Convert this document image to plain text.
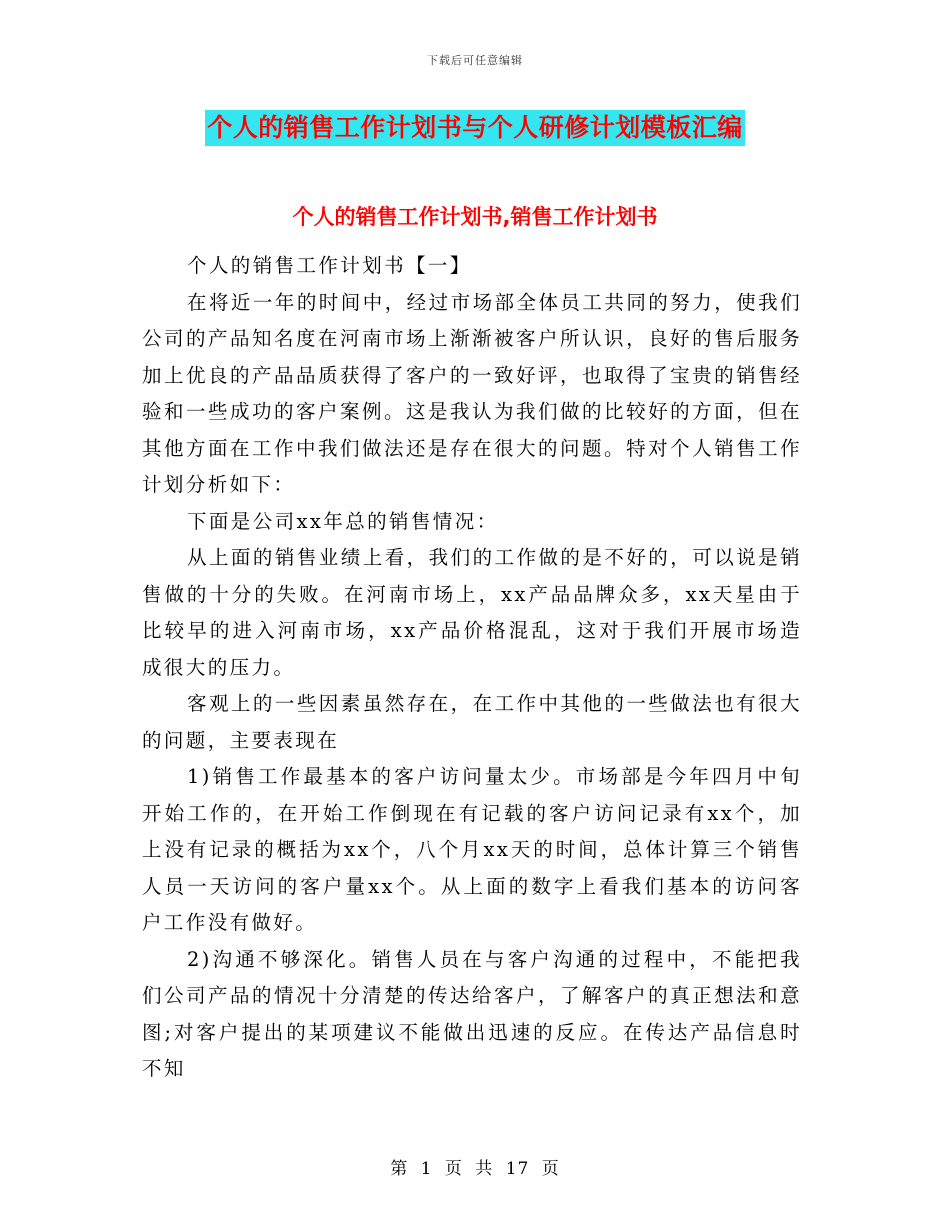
下载后可任意编辑
个人的销售工作计划书与个人研修计划模板汇编
个人的销售工作计划书,销售工作计划书

个人的销售工作计划书【一】

在将近一年的时间中，经过市场部全体员工共同的努力，使我们公司的产品知名度在河南市场上渐渐被客户所认识，良好的售后服务加上优良的产品品质获得了客户的一致好评，也取得了宝贵的销售经验和一些成功的客户案例。这是我认为我们做的比较好的方面，但在其他方面在工作中我们做法还是存在很大的问题。特对个人销售工作计划分析如下：

下面是公司xx年总的销售情况：

从上面的销售业绩上看，我们的工作做的是不好的，可以说是销售做的十分的失败。在河南市场上，xx产品品牌众多，xx天星由于比较早的进入河南市场，xx产品价格混乱，这对于我们开展市场造成很大的压力。

客观上的一些因素虽然存在，在工作中其他的一些做法也有很大的问题，主要表现在

1)销售工作最基本的客户访问量太少。市场部是今年四月中旬开始工作的，在开始工作倒现在有记载的客户访问记录有xx个，加上没有记录的概括为xx个，八个月xx天的时间，总体计算三个销售人员一天访问的客户量xx个。从上面的数字上看我们基本的访问客户工作没有做好。

2)沟通不够深化。销售人员在与客户沟通的过程中，不能把我们公司产品的情况十分清楚的传达给客户，了解客户的真正想法和意图;对客户提出的某项建议不能做出迅速的反应。在传达产品信息时不知

第 1 页 共 17 页
